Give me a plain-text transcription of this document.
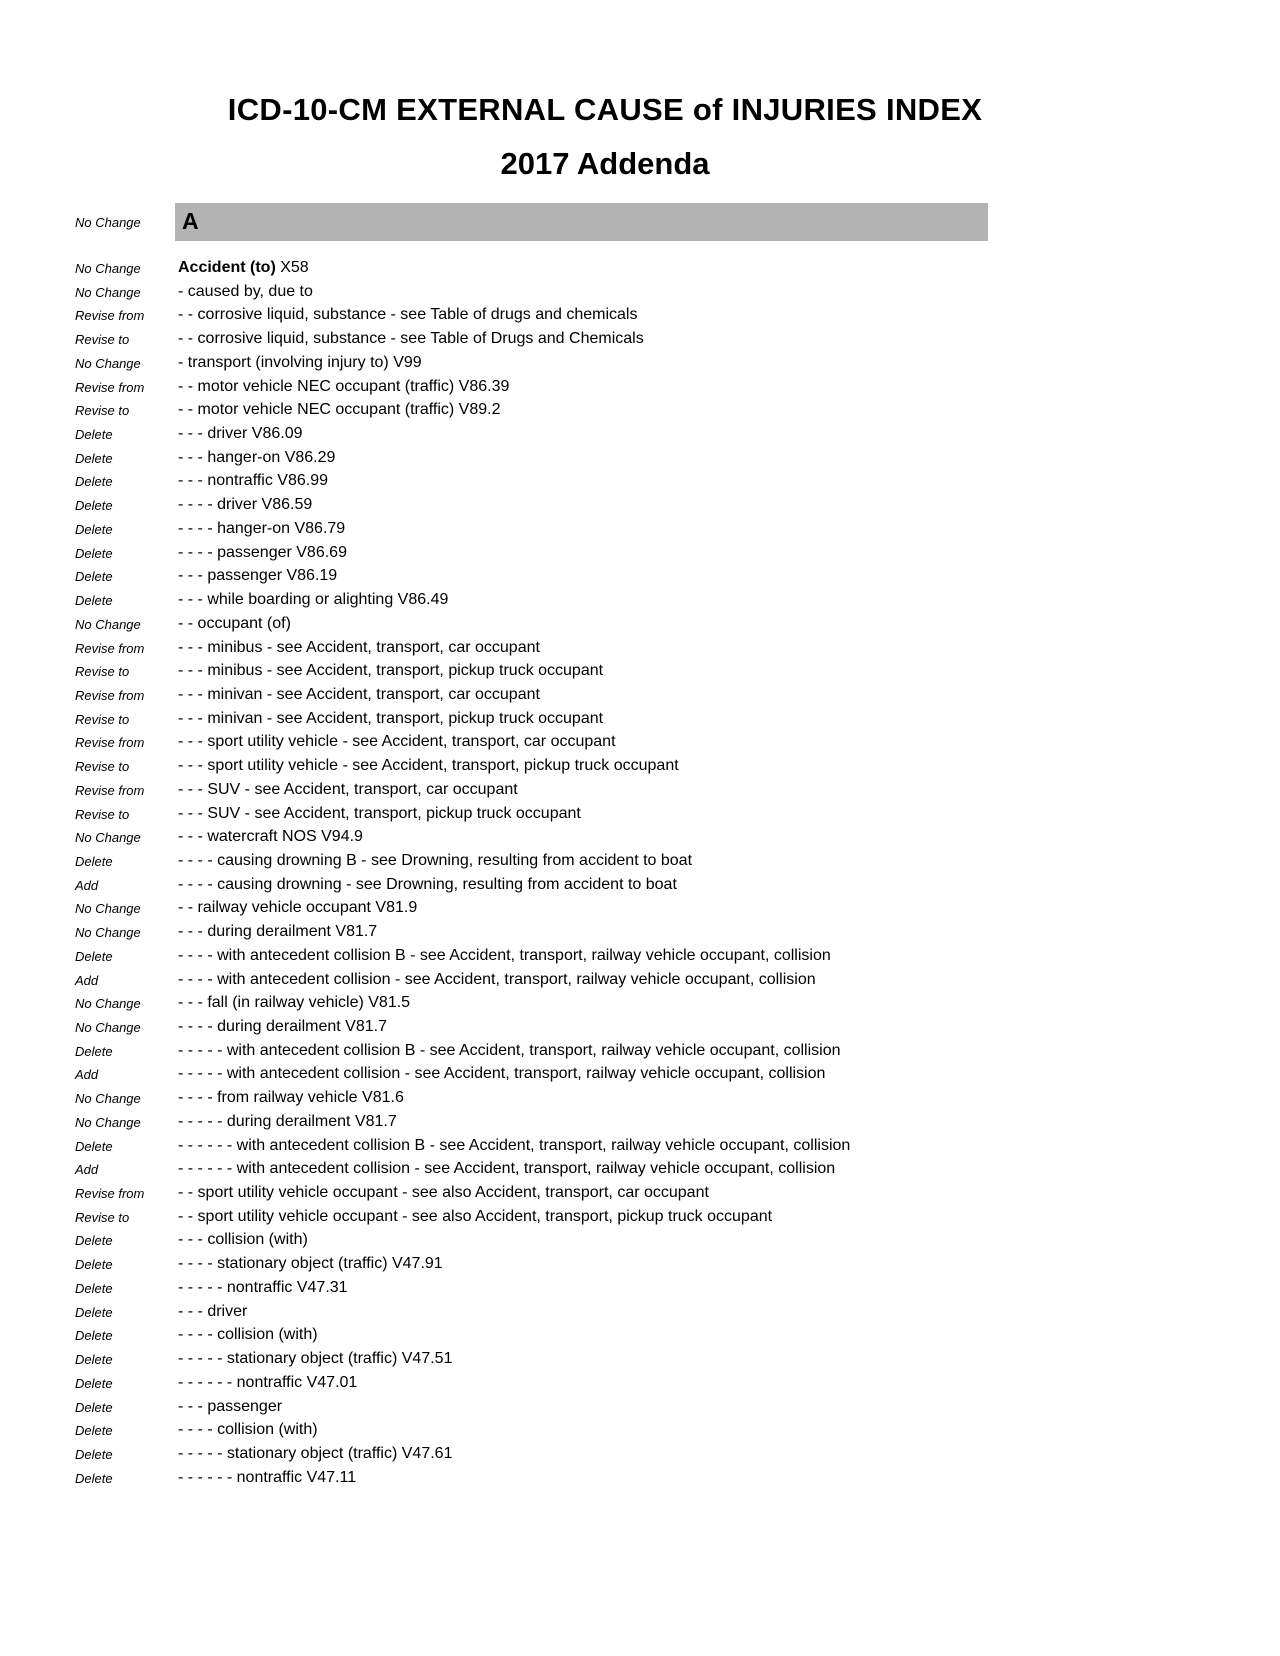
ICD-10-CM EXTERNAL CAUSE of INJURIES INDEX
2017 Addenda
No Change	A
No Change Accident (to) X58
No Change - caused by, due to
Revise from - - corrosive liquid, substance - see Table of drugs and chemicals
Revise to	- - corrosive liquid, substance - see Table of Drugs and Chemicals
No Change - transport (involving injury to) V99
Revise from - - motor vehicle NEC occupant (traffic) V86.39
Revise to	- - motor vehicle NEC occupant (traffic) V89.2
Delete	- - - driver V86.09
Delete	- - - hanger-on V86.29
Delete	- - - nontraffic V86.99
Delete	- - - - driver V86.59
Delete	- - - - hanger-on V86.79
Delete	- - - - passenger V86.69
Delete	- - - passenger V86.19
Delete	- - - while boarding or alighting V86.49
No Change - - occupant (of)
Revise from - - - minibus - see Accident, transport, car occupant
Revise to	- - - minibus - see Accident, transport, pickup truck occupant
Revise from - - - minivan - see Accident, transport, car occupant
Revise to	- - - minivan - see Accident, transport, pickup truck occupant
Revise from - - - sport utility vehicle - see Accident, transport, car occupant
Revise to	- - - sport utility vehicle - see Accident, transport, pickup truck occupant
Revise from - - - SUV - see Accident, transport, car occupant
Revise to	- - - SUV - see Accident, transport, pickup truck occupant
No Change - - - watercraft NOS V94.9
Delete	- - - - causing drowning B - see Drowning, resulting from accident to boat
Add	- - - - causing drowning - see Drowning, resulting from accident to boat
No Change - - railway vehicle occupant V81.9
No Change - - - during derailment V81.7
Delete	- - - - with antecedent collision B - see Accident, transport, railway vehicle occupant, collision
Add	- - - - with antecedent collision - see Accident, transport, railway vehicle occupant, collision
No Change - - - fall (in railway vehicle) V81.5
No Change - - - - during derailment V81.7
Delete	- - - - - with antecedent collision B - see Accident, transport, railway vehicle occupant, collision
Add	- - - - - with antecedent collision - see Accident, transport, railway vehicle occupant, collision
No Change - - - - from railway vehicle V81.6
No Change - - - - - during derailment V81.7
Delete	- - - - - - with antecedent collision B - see Accident, transport, railway vehicle occupant, collision
Add	- - - - - - with antecedent collision - see Accident, transport, railway vehicle occupant, collision
Revise from - - sport utility vehicle occupant - see also Accident, transport, car occupant
Revise to	- - sport utility vehicle occupant - see also Accident, transport, pickup truck occupant
Delete	- - - collision (with)
Delete	- - - - stationary object (traffic) V47.91
Delete	- - - - - nontraffic V47.31
Delete	- - - driver
Delete	- - - - collision (with)
Delete	- - - - - stationary object (traffic) V47.51
Delete	- - - - - - nontraffic V47.01
Delete	- - - passenger
Delete	- - - - collision (with)
Delete	- - - - - stationary object (traffic) V47.61
Delete	- - - - - - nontraffic V47.11
